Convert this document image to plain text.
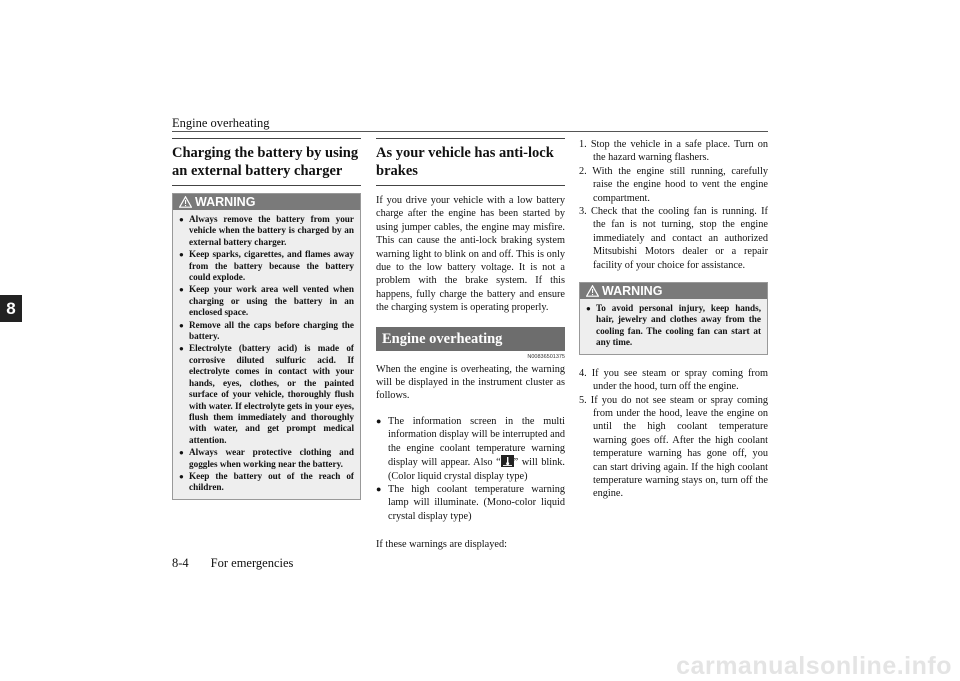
Engine overheating
8
Charging the battery by using an external battery charger
WARNING
● Always remove the battery from your vehicle when the battery is charged by an external battery charger.
● Keep sparks, cigarettes, and flames away from the battery because the battery could explode.
● Keep your work area well vented when charging or using the battery in an enclosed space.
● Remove all the caps before charging the battery.
● Electrolyte (battery acid) is made of corrosive diluted sulfuric acid. If electrolyte comes in contact with your hands, eyes, clothes, or the painted surface of your vehicle, thoroughly flush with water. If electrolyte gets in your eyes, flush them immediately and thoroughly with water, and get prompt medical attention.
● Always wear protective clothing and goggles when working near the battery.
● Keep the battery out of the reach of children.
As your vehicle has anti-lock brakes
If you drive your vehicle with a low battery charge after the engine has been started by using jumper cables, the engine may misfire. This can cause the anti-lock braking system warning light to blink on and off. This is only due to the low battery voltage. It is not a problem with the brake system. If this happens, fully charge the battery and ensure the charging system is operating properly.
Engine overheating
N00836501375
When the engine is overheating, the warning will be displayed in the instrument cluster as follows.
● The information screen in the multi information display will be interrupted and the engine coolant temperature warning display will appear. Also “ ” will blink. (Color liquid crystal display type)
● The high coolant temperature warning lamp will illuminate. (Mono-color liquid crystal display type)
If these warnings are displayed:
1. Stop the vehicle in a safe place. Turn on the hazard warning flashers.
2. With the engine still running, carefully raise the engine hood to vent the engine compartment.
3. Check that the cooling fan is running. If the fan is not turning, stop the engine immediately and contact an authorized Mitsubishi Motors dealer or a repair facility of your choice for assistance.
WARNING
● To avoid personal injury, keep hands, hair, jewelry and clothes away from the cooling fan. The cooling fan can start at any time.
4. If you see steam or spray coming from under the hood, turn off the engine.
5. If you do not see steam or spray coming from under the hood, leave the engine on until the high coolant temperature warning goes off. After the high coolant temperature warning has gone off, you can start driving again. If the high coolant temperature warning stays on, turn off the engine.
8-4 For emergencies
carmanualsonline.info
